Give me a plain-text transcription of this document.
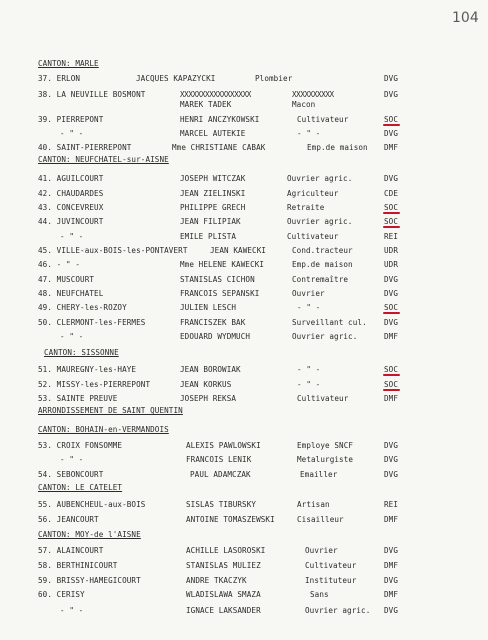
104
CANTON: MARLE
37. ERLON	JACQUES KAPAZYCKI	Plombier	DVG
38. LA NEUVILLE BOSMONT	XXXXXXXXXXXXXXXXX	XXXXXXXXXX	DVG
MAREK TADEK	Macon
39. PIERREPONT	HENRI ANCZYKOWSKI	Cultivateur	SOC
- " -	MARCEL AUTEKIE	- " -	DVG
40. SAINT-PIERREPONT	Mme CHRISTIANE CABAK	Emp.de maison DMF
CANTON: NEUFCHATEL-sur-AISNE
41. AGUILCOURT	JOSEPH WITCZAK	Ouvrier agric.	DVG
42. CHAUDARDES	JEAN ZIELINSKI	Agriculteur	CDE
43. CONCEVREUX	PHILIPPE GRECH	Retraite	SOC
44. JUVINCOURT	JEAN FILIPIAK	Ouvrier agric.	SOC
- " -	EMILE PLISTA	Cultivateur	REI
45. VILLE-aux-BOIS-les-PONTAVERT	JEAN KAWECKI	Cond.tracteur	UDR
46. - " -	Mme HELENE KAWECKI	Emp.de maison	UDR
47. MUSCOURT	STANISLAS CICHON	Contremaître	DVG
48. NEUFCHATEL	FRANCOIS SEPANSKI	Ouvrier	DVG
49. CHERY-les-ROZOY	JULIEN LESCH	- " -	SOC
50. CLERMONT-les-FERMES	FRANCISZEK BAK	Surveillant cul. DVG
- " -	EDOUARD WYDMUCH	Ouvrier agric.	DMF
CANTON: SISSONNE
51. MAUREGNY-les-HAYE	JEAN BOROWIAK	- " -	SOC
52. MISSY-les-PIERREPONT	JEAN KORKUS	- " -	SOC
53. SAINTE PREUVE	JOSEPH REKSA	Cultivateur	DMF
ARRONDISSEMENT DE SAINT QUENTIN
CANTON: BOHAIN-en-VERMANDOIS
53. CROIX FONSOMME	ALEXIS PAWLOWSKI	Employe SNCF	DVG
- " -	FRANCOIS LENIK	Metalurgiste	DVG
54. SEBONCOURT	PAUL ADAMCZAK	Emailler	DVG
CANTON: LE CATELET
55. AUBENCHEUL-aux-BOIS	SISLAS TIBURSKY	Artisan	REI
56. JEANCOURT	ANTOINE TOMASZEWSKI	Cisailleur	DMF
CANTON: MOY-de l'AISNE
57. ALAINCOURT	ACHILLE LASOROSKI	Ouvrier	DVG
58. BERTHINICOURT	STANISLAS MULIEZ	Cultivateur	DMF
59. BRISSY-HAMEGICOURT	ANDRE TKACZYK	Instituteur	DVG
60. CERISY	WLADISLAWA SMAZA	Sans	DMF
- " -	IGNACE LAKSANDER	Ouvrier agric. DVG
